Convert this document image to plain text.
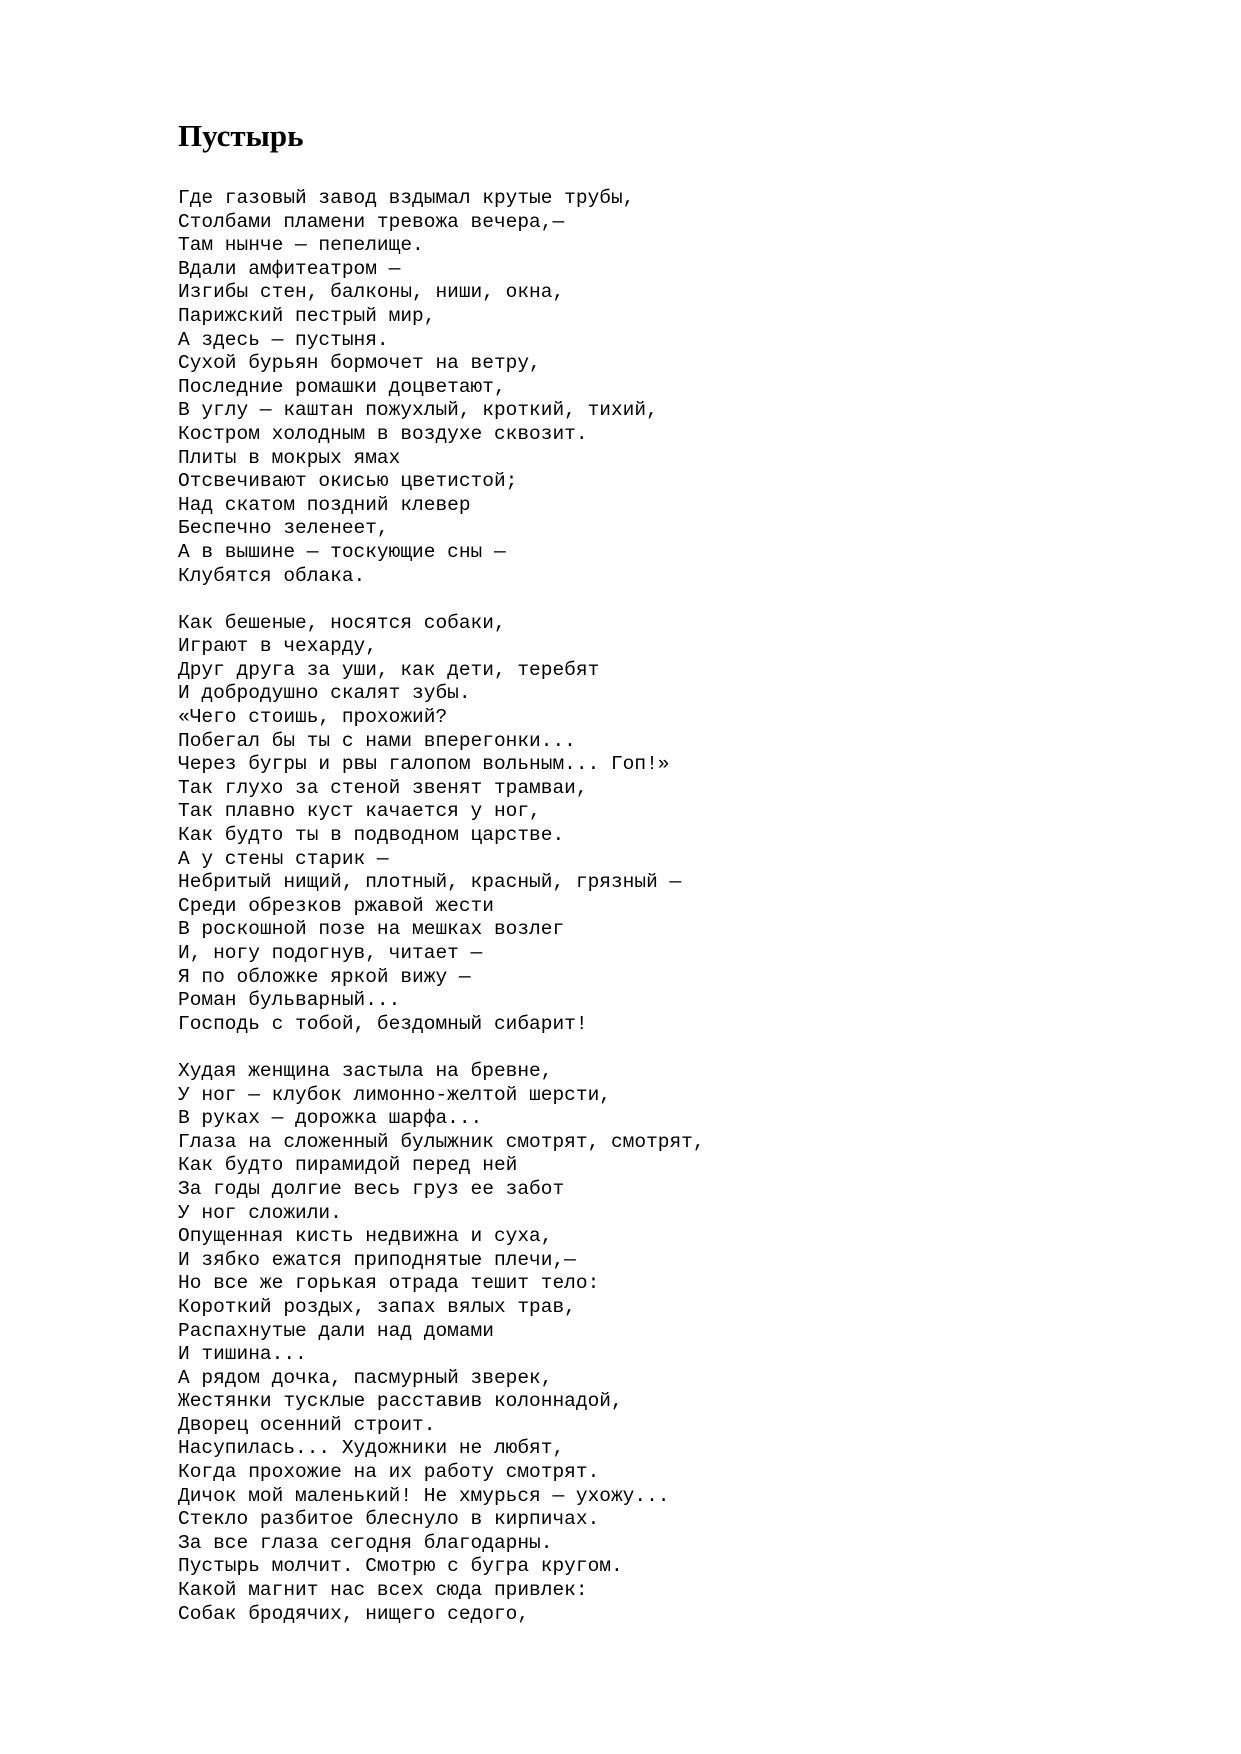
Пустырь
Где газовый завод вздымал крутые трубы,
Столбами пламени тревожа вечера,—
Там нынче — пепелище.
Вдали амфитеатром —
Изгибы стен, балконы, ниши, окна,
Парижский пестрый мир,
А здесь — пустыня.
Сухой бурьян бормочет на ветру,
Последние ромашки доцветают,
В углу — каштан пожухлый, кроткий, тихий,
Костром холодным в воздухе сквозит.
Плиты в мокрых ямах
Отсвечивают окисью цветистой;
Над скатом поздний клевер
Беспечно зеленеет,
А в вышине — тоскующие сны —
Клубятся облака.
Как бешеные, носятся собаки,
Играют в чехарду,
Друг друга за уши, как дети, теребят
И добродушно скалят зубы.
«Чего стоишь, прохожий?
Побегал бы ты с нами вперегонки...
Через бугры и рвы галопом вольным... Гоп!»
Так глухо за стеной звенят трамваи,
Так плавно куст качается у ног,
Как будто ты в подводном царстве.
А у стены старик —
Небритый нищий, плотный, красный, грязный —
Среди обрезков ржавой жести
В роскошной позе на мешках возлег
И, ногу подогнув, читает —
Я по обложке яркой вижу —
Роман бульварный...
Господь с тобой, бездомный сибарит!
Худая женщина застыла на бревне,
У ног — клубок лимонно-желтой шерсти,
В руках — дорожка шарфа...
Глаза на сложенный булыжник смотрят, смотрят,
Как будто пирамидой перед ней
За годы долгие весь груз ее забот
У ног сложили.
Опущенная кисть недвижна и суха,
И зябко ежатся приподнятые плечи,—
Но все же горькая отрада тешит тело:
Короткий роздых, запах вялых трав,
Распахнутые дали над домами
И тишина...
А рядом дочка, пасмурный зверек,
Жестянки тусклые расставив колоннадой,
Дворец осенний строит.
Насупилась... Художники не любят,
Когда прохожие на их работу смотрят.
Дичок мой маленький! Не хмурься — ухожу...
Стекло разбитое блеснуло в кирпичах.
За все глаза сегодня благодарны.
Пустырь молчит. Смотрю с бугра кругом.
Какой магнит нас всех сюда привлек:
Собак бродячих, нищего седого,
